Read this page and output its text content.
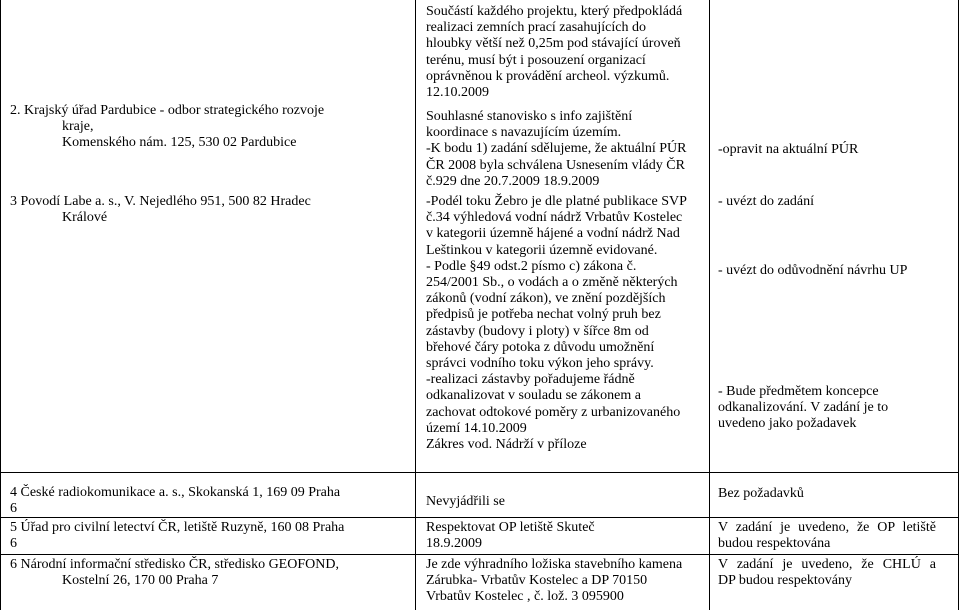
Součástí každého projektu, který předpokládá

realizaci zemních prací zasahujících do

hloubky větší než 0,25m pod stávající úroveň

terénu, musí být i posouzení organizací

oprávněnou k provádění archeol. výzkumů.

12.10.2009

2. Krajský úřad Pardubice - odbor strategického rozvoje

kraje,

Komenského nám. 125, 530 02 Pardubice

Souhlasné stanovisko s info zajištění

koordinace s navazujícím územím.

-K bodu 1) zadání sdělujeme, že aktuální PÚR

ČR 2008 byla schválena Usnesením vlády ČR

č.929 dne 20.7.2009 18.9.2009

-opravit na aktuální PÚR

3 Povodí Labe a. s., V. Nejedlého 951, 500 82 Hradec

Králové

-Podél toku Žebro je dle platné publikace SVP

č.34 výhledová vodní nádrž Vrbatův Kostelec

v kategorii územně hájené a vodní nádrž Nad

Leštinkou v kategorii územně evidované.

- Podle §49 odst.2 písmo c) zákona č.

254/2001 Sb., o vodách a o změně některých

zákonů (vodní zákon), ve znění pozdějších

předpisů je potřeba nechat volný pruh bez

zástavby (budovy i ploty) v šířce 8m od

břehové čáry potoka z důvodu umožnění

správci vodního toku výkon jeho správy.

-realizaci zástavby pořadujeme řádně

odkanalizovat v souladu se zákonem a

zachovat odtokové poměry z urbanizovaného

území 14.10.2009

Zákres vod. Nádrží v příloze

- uvézt do zadání

- uvézt do odůvodnění návrhu UP

- Bude předmětem koncepce

odkanalizování. V zadání je to

uvedeno jako požadavek

4 České radiokomunikace a. s., Skokanská 1, 169 09 Praha

6	Nevyjádřili se

Bez požadavků

5 Úřad pro civilní letectví ČR, letiště Ruzyně, 160 08 Praha

6

Respektovat OP letiště Skuteč

18.9.2009

V zadání je uvedeno, že OP letiště

budou respektována

6 Národní informační středisko ČR, středisko GEOFOND,

Kostelní 26, 170 00 Praha 7

Je zde výhradního ložiska stavebního kamena

Zárubka- Vrbatův Kostelec a DP 70150

Vrbatův Kostelec , č. lož. 3 095900

V zadání je uvedeno, že CHLÚ a

DP budou respektovány
